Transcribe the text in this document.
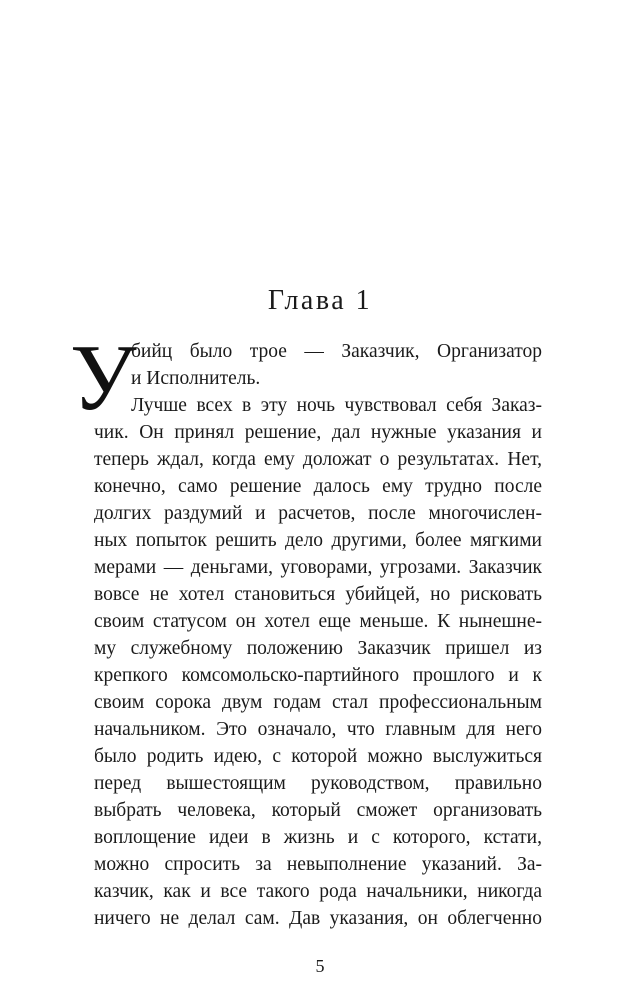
Глава 1
У
бийц было трое — Заказчик, Организатор
и Исполнитель.
Лучше всех в эту ночь чувствовал себя Заказ-
чик. Он принял решение, дал нужные указания и
теперь ждал, когда ему доложат о результатах. Нет,
конечно, само решение далось ему трудно после
долгих раздумий и расчетов, после многочислен-
ных попыток решить дело другими, более мягкими
мерами — деньгами, уговорами, угрозами. Заказчик
вовсе не хотел становиться убийцей, но рисковать
своим статусом он хотел еще меньше. К нынешне-
му служебному положению Заказчик пришел из
крепкого комсомольско-партийного прошлого и к
своим сорока двум годам стал профессиональным
начальником. Это означало, что главным для него
было родить идею, с которой можно выслужиться
перед вышестоящим руководством, правильно
выбрать человека, который сможет организовать
воплощение идеи в жизнь и с которого, кстати,
можно спросить за невыполнение указаний. За-
казчик, как и все такого рода начальники, никогда
ничего не делал сам. Дав указания, он облегченно
5
